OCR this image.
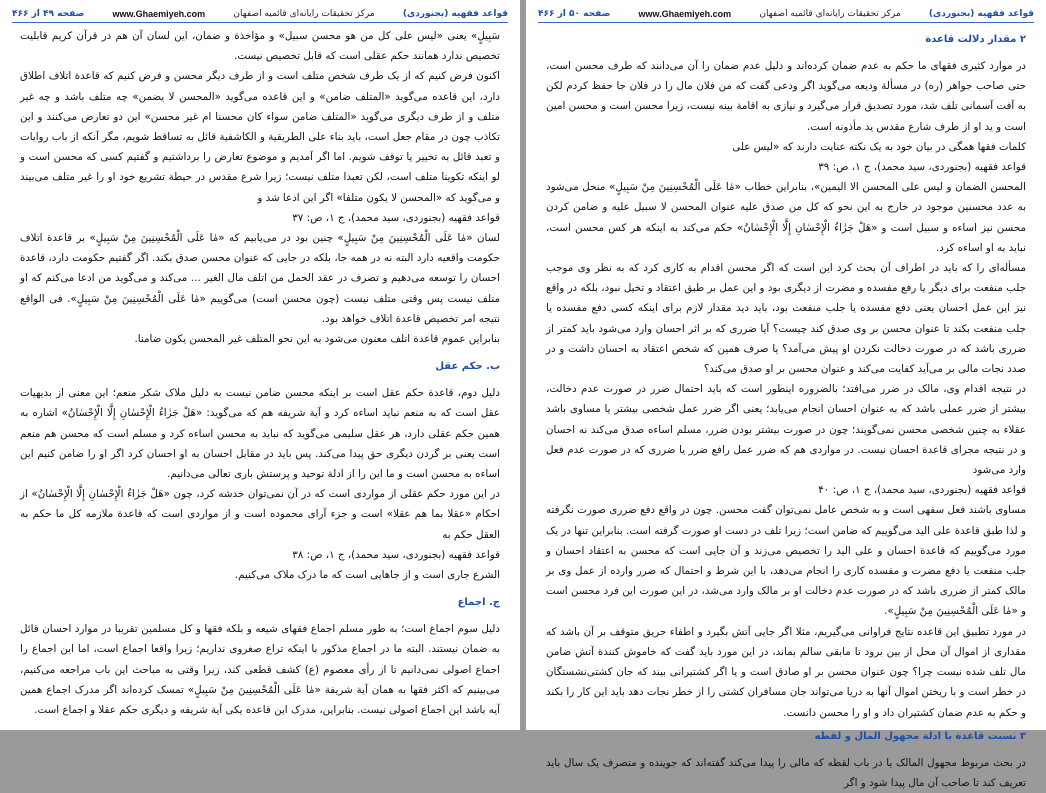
صفحه ۴۹ از ۴۶۶	www.Ghaemiyeh.com	مرکز تحقیقات رایانه‌ای قائمیه اصفهان	قواعد فقهیه (بجنوردی)

سَبِیلٍ» یعنی «لیس علی کل من هو محسن سبیل» و مؤاخذة و ضمان، این لسان آن هم در قرآن کریم قابلیت تخصیص ندارد همانند حکم عقلی است که قابل تخصیص نیست.

اکنون فرض کنیم که از یک طرف شخص متلف است و از طرف دیگر محسن و فرض کنیم که قاعدة اتلاف اطلاق دارد، این قاعده می‌گوید «المتلف ضامن» و این قاعده می‌گوید «المحسن لا یضمن» چه متلف باشد و چه غیر متلف و از طرف دیگری می‌گوید «المتلف ضامن سواء کان محسنا ام غیر محسن» این دو تعارض می‌کنند و این تکاذب چون در مقام جعل است، باید بناء علی الطریقیة و الکاشفیة قائل به تساقط شویم، مگر آنکه از باب روایات و تعبد قائل به تخییر یا توقف شویم. اما اگر آمدیم و موضوع تعارض را برداشتیم و گفتیم کسی که محسن است و لو اینکه تکوینا متلف است، لکن تعبدا متلف نیست؛ زیرا شرع مقدس در حیطة تشریع خود او را غیر متلف می‌بیند و می‌گوید که «المحسن لا یکون متلفا» اگر این ادعا شد و

قواعد فقهیه (بجنوردی، سید محمد)، ج ۱، ص: ۳۷

لسان «مٰا عَلَی الْمُحْسِنِینَ مِنْ سَبِیلٍ» چنین بود در می‌یابیم که «مٰا عَلَی الْمُحْسِنِینَ مِنْ سَبِیلٍ» بر قاعدة اتلاف حکومت واقعیه دارد البته نه در همه جا، بلکه در جایی که عنوان محسن صدق بکند. اگر گفتیم حکومت دارد، قاعدة احسان را توسعه می‌دهیم و تصرف در عقد الحمل من اتلف مال الغیر ... می‌کند و می‌گوید من ادعا می‌کنم که او متلف نیست پس وقتی متلف نیست (چون محسن است) می‌گوییم «مٰا عَلَی الْمُحْسِنِینَ مِنْ سَبِیلٍ». فی الواقع نتیجه امر تخصیص قاعدة اتلاف خواهد بود.

بنابراین عموم قاعدة اتلف معنون می‌شود به این نحو المتلف غیر المحسن یکون ضامنا.

ب. حکم عقل

دلیل دوم، قاعدة حکم عقل است بر اینکه محسن ضامن نیست به دلیل ملاک شکر منعم؛ این معنی از بدیهیات عقل است که به منعم نباید اساءه کرد و آیة شریفه هم که می‌گوید: «هَلْ جَزٰاءُ الْإِحْسٰانِ إِلَّا الْإِحْسٰانُ» اشاره به همین حکم عقلی دارد، هر عقل سلیمی می‌گوید که نباید به محسن اساءه کرد و مسلم است که محسن هم منعم است یعنی بر گردن دیگری حق پیدا می‌کند. پس باید در مقابل احسان به او احسان کرد اگر او را ضامن کنیم این اساءه به محسن است و ما این را از ادلة توحید و پرستش باری تعالی می‌دانیم.

در این مورد حکم عقلی از مواردی است که در آن نمی‌توان خدشه کرد، چون «هَلْ جَزٰاءُ الْإِحْسٰانِ إِلَّا الْإِحْسٰانُ» از احکام «عقلا بما هم عقلا» است و جزء آرای محموده است و از مواردی است که قاعدة ملازمه کل ما حکم به العقل حکم به

قواعد فقهیه (بجنوردی، سید محمد)، ج ۱، ص: ۳۸

الشرع جاری است و از جاهایی است که ما درک ملاک می‌کنیم.

ج. اجماع

دلیل سوم اجماع است؛ به طور مسلم اجماع فقهای شیعه و بلکه فقها و کل مسلمین تقریبا در موارد احسان قائل به ضمان نیستند. البته ما در اجماع مذکور با اینکه تراع صغروی نداریم؛ زیرا واقعا اجماع است، اما این اجماع را اجماع اصولی نمی‌دانیم تا از رأی معصوم (ع) کشف قطعی کند، زیرا وقتی به مباحث این باب مراجعه می‌کنیم، می‌بینیم که اکثر فقها به همان آیة شریفة «مٰا عَلَی الْمُحْسِنِینَ مِنْ سَبِیلٍ» تمسک کرده‌اند اگر مدرک اجماع همین آیه باشد این اجماع اصولی نیست. بنابراین، مدرک این قاعده یکی آیة شریفه و دیگری حکم عقلا و اجماع است.

صفحه ۵۰ از ۴۶۶	www.Ghaemiyeh.com	مرکز تحقیقات رایانه‌ای قائمیه اصفهان	قواعد فقهیه (بجنوردی)
۲ مقدار دلالت قاعدة

در موارد کثیری فقهای ما حکم به عدم ضمان کرده‌اند و دلیل عدم ضمان را آن می‌دانند که طرف محسن است، حتی صاحب جواهر (ره) در مسألة ودیعه می‌گوید اگر ودعی گفت که من فلان مال را در فلان جا حفظ کردم لکن به آفت آسمانی تلف شد، مورد تصدیق قرار می‌گیرد و نیازی به اقامة بینه نیست، زیرا محسن است و محسن امین است و ید او از طرف شارع مقدس ید مأذونه است.

کلمات فقها همگی در بیان خود به یک نکته عنایت دارند که «لیس علی

قواعد فقهیه (بجنوردی، سید محمد)، ج ۱، ص: ۳۹

المحسن الضمان و لیس علی المحسن الا الیمین»، بنابراین خطاب «مٰا عَلَی الْمُحْسِنِینَ مِنْ سَبِیلٍ» منحل می‌شود به عدد محسنین موجود در خارج به این نحو که کل من صدق علیه عنوان المحسن لا سبیل علیه و ضامن کردن محسن نیز اساءه و سبیل است و «هَلْ جَزٰاءُ الْإِحْسٰانِ إِلَّا الْإِحْسٰانُ» حکم می‌کند به اینکه هر کس محسن است، نباید به او اساءه کرد.

مسأله‌ای را که باید در اطراف آن بحث کرد این است که اگر محسن اقدام به کاری کرد که به نظر وی موجب جلب منفعت برای دیگر یا رفع مفسده و مضرت از دیگری بود و این عمل بر طبق اعتقاد و تخیل نبود، بلکه در واقع نیز این عمل احسان یعنی دفع مفسده یا جلب منفعت بود، باید دید مقدار لازم برای اینکه کسی دفع مفسده یا جلب منفعت بکند تا عنوان محسن بر وی صدق کند چیست؟ آیا ضرری که بر اثر احسان وارد می‌شود باید کمتر از ضرری باشد که در صورت دخالت نکردن او پیش می‌آمد؟ یا صرف همین که شخص اعتقاد به احسان داشت و در صدد نجات مالی بر می‌آید کفایت می‌کند و عنوان محسن بر او صدق می‌کند؟

در نتیجه اقدام وی، مالک در ضرر می‌افتد؛ بالضروره اینطور است که باید احتمال ضرر در صورت عدم دخالت، بیشتر از ضرر عملی باشد که به عنوان احسان انجام می‌یابد؛ یعنی اگر ضرر عمل شخصی بیشتر یا مساوی باشد عقلاء به چنین شخصی محسن نمی‌گویند؛ چون در صورت بیشتر بودن ضرر، مسلم اساءه صدق می‌کند نه احسان و در نتیجه مجرای قاعدة احسان نیست. در مواردی هم که ضرر عمل رافع ضرر یا ضرری که در صورت عدم فعل وارد می‌شود

قواعد فقهیه (بجنوردی، سید محمد)، ج ۱، ص: ۴۰

مساوی باشند فعل سفهی است و به شخص عامل نمی‌توان گفت محسن. چون در واقع دفع ضرری صورت نگرفته و لذا طبق قاعدة علی الید می‌گوییم که ضامن است؛ زیرا تلف در دست او صورت گرفته است. بنابراین تنها در یک مورد می‌گوییم که قاعدة احسان و علی الید را تخصیص می‌زند و آن جایی است که محسن به اعتقاد احسان و جلب منفعت یا دفع مضرت و مفسده کاری را انجام می‌دهد، با این شرط و احتمال که ضرر وارده از عمل وی بر مالک کمتر از ضرری باشد که در صورت عدم دخالت او بر مالک وارد می‌شد، در این صورت این فرد محسن است و «مٰا عَلَی الْمُحْسِنِینَ مِنْ سَبِیلٍ».

در مورد تطبیق این قاعده نتایج فراوانی می‌گیریم، مثلا اگر جایی آتش بگیرد و اطفاء حریق متوقف بر آن باشد که مقداری از اموال آن محل از بین برود تا مابقی سالم بماند، در این مورد باید گفت که خاموش کنندة آتش ضامن مال تلف شده نیست چرا؟ چون عنوان محسن بر او صادق است و یا اگر کشتیرانی بیند که جان کشتی‌نشستگان در خطر است و با ریختن اموال آنها به دریا می‌تواند جان مسافران کشتی را از خطر نجات دهد باید این کار را بکند و حکم به عدم ضمان کشتیران داد و او را محسن دانست.

۳ نسبت قاعدة با ادلة مجهول المال و لقطه

در بحث مربوط مجهول المالک یا در باب لقطه که مالی را پیدا می‌کند گفته‌اند که جوینده و متصرف یک سال باید تعریف کند تا صاحب آن مال پیدا شود و اگر
